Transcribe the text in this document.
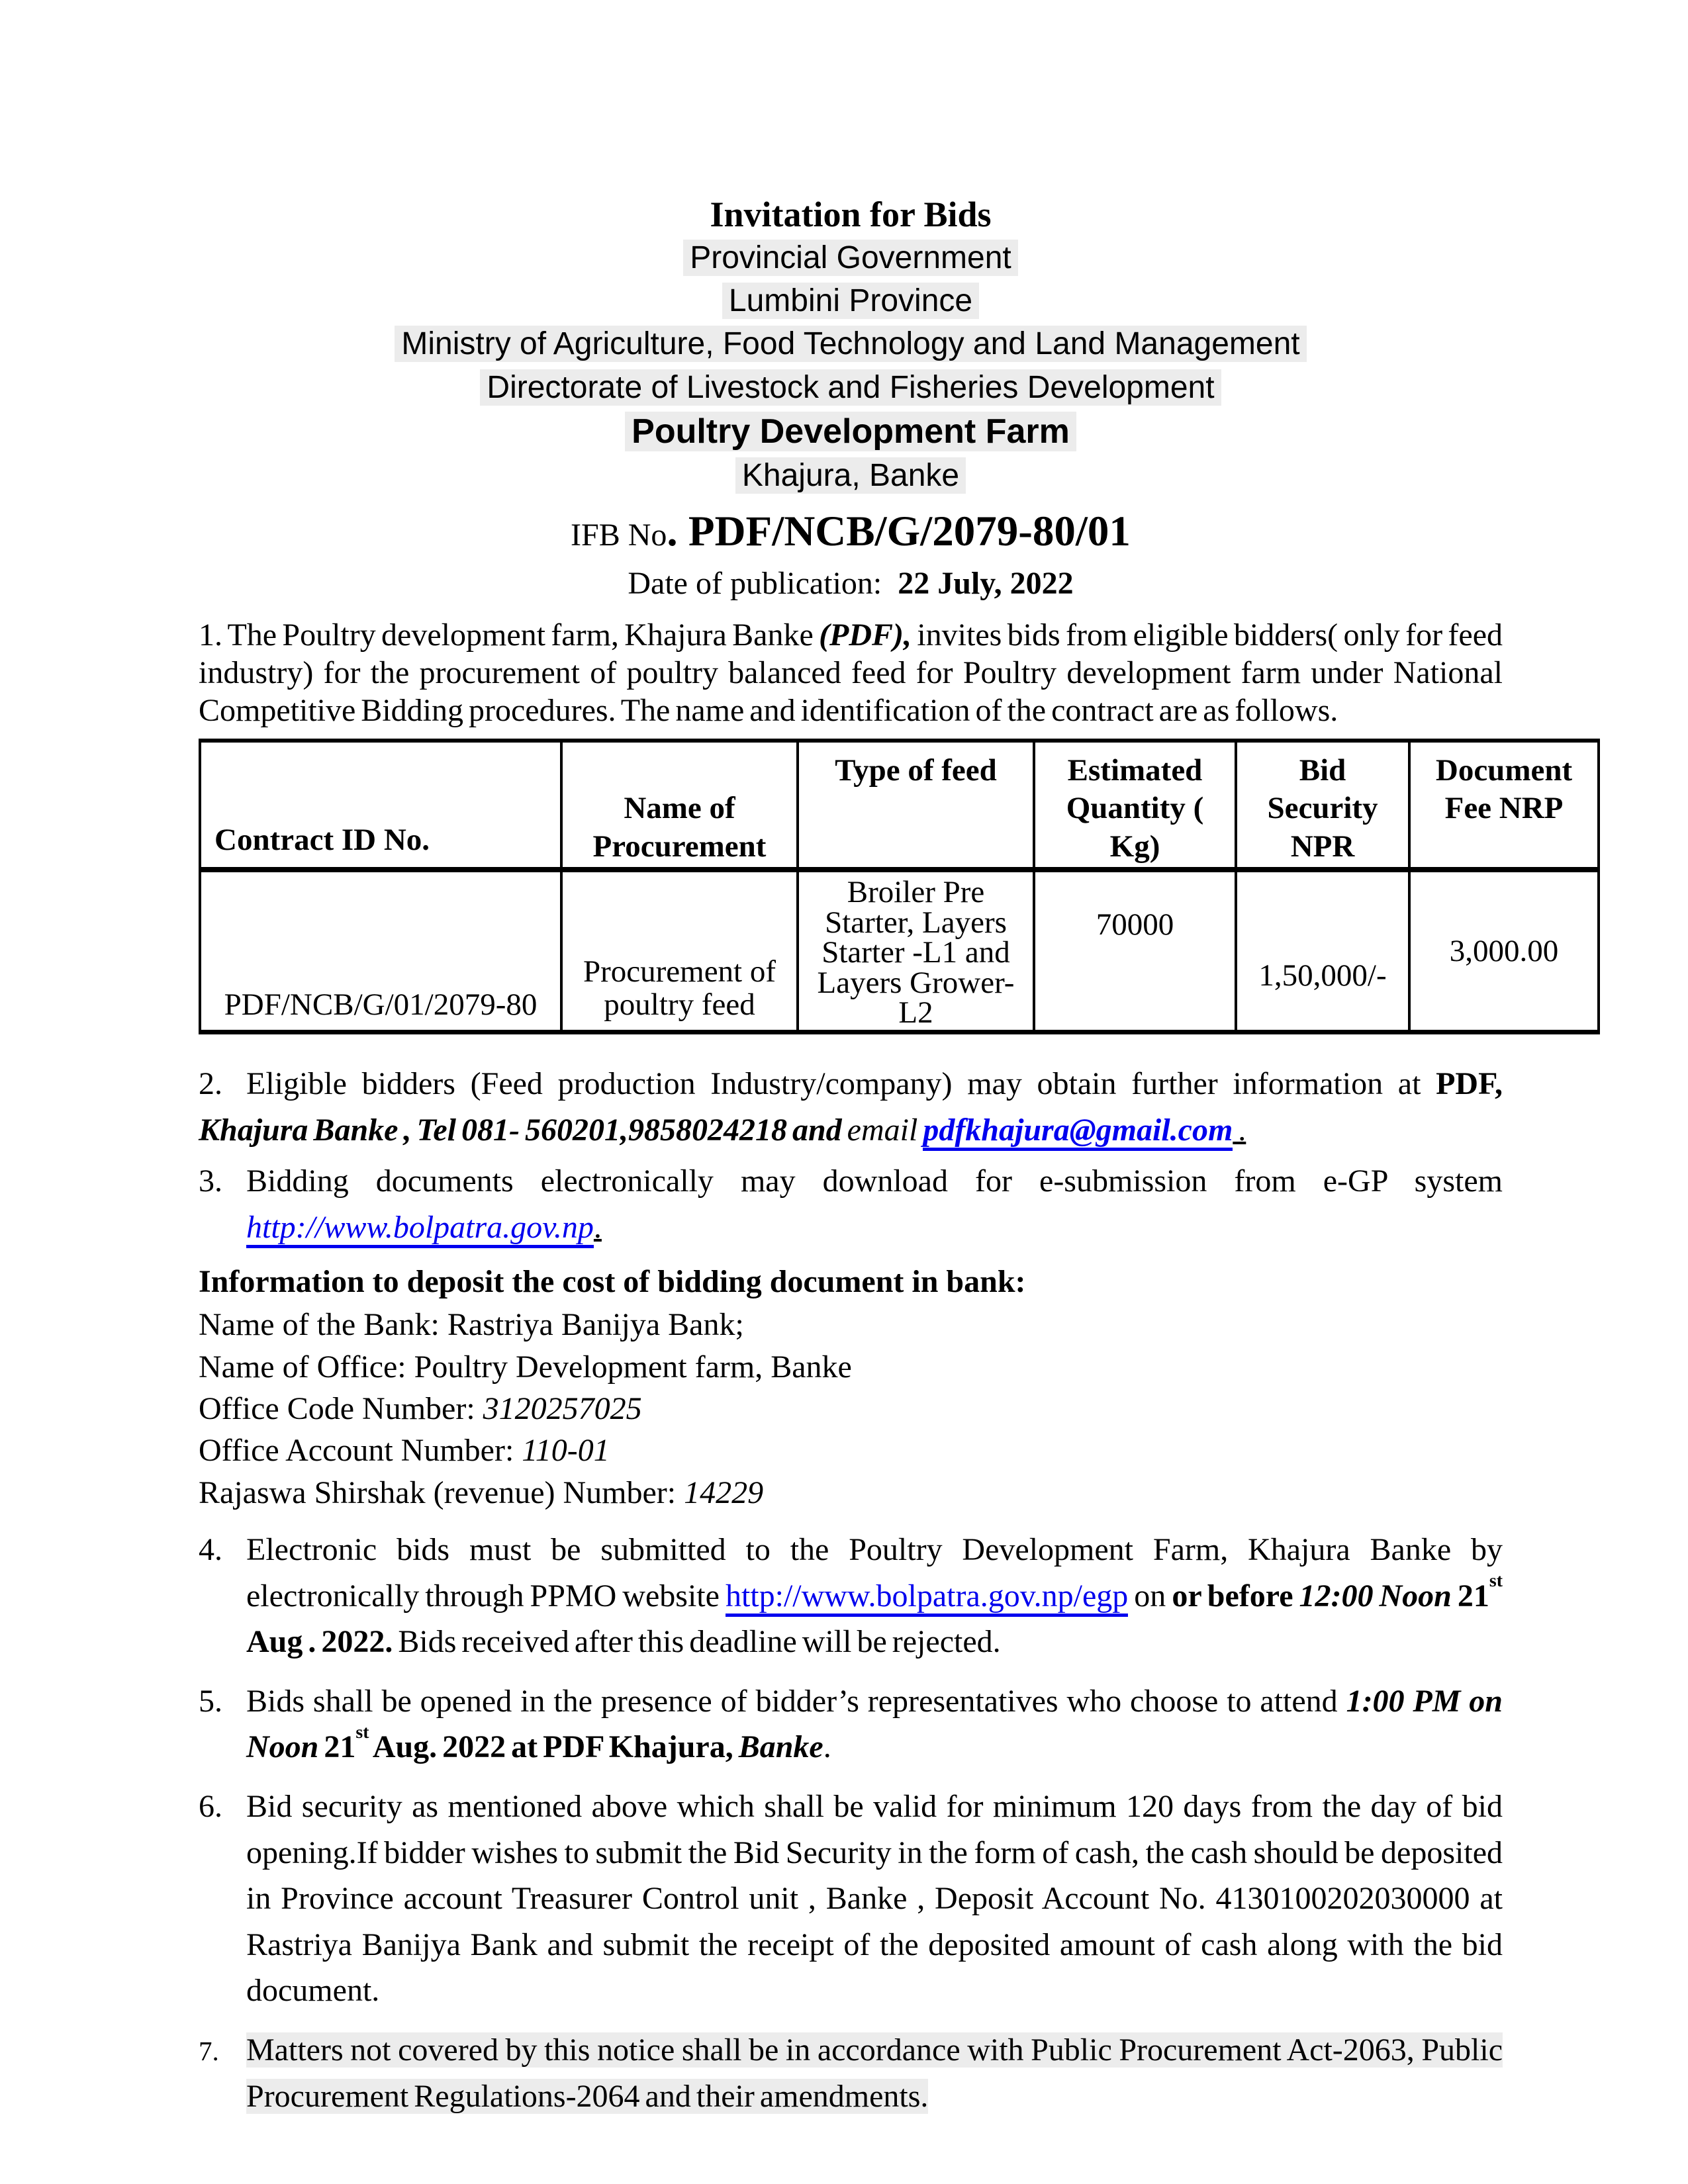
Invitation for Bids

Provincial Government

Lumbini Province

Ministry of Agriculture, Food Technology and Land Management

Directorate of Livestock and Fisheries Development

Poultry Development Farm

Khajura, Banke

IFB No. PDF/NCB/G/2079-80/01

Date of publication:  22 July, 2022

1. The Poultry development farm, Khajura Banke (PDF), invites bids from eligible bidders( only for feed industry) for the procurement of poultry balanced feed for Poultry development farm under National Competitive Bidding procedures. The name and identification of the contract are as follows.

Contract ID No.	Name of Procurement	Type of feed	Estimated Quantity ( Kg)	Bid Security NPR	Document Fee NRP
PDF/NCB/G/01/2079-80	Procurement of poultry feed	Broiler Pre Starter, Layers Starter -L1 and Layers Grower-L2	70000	1,50,000/-	3,000.00

2. Eligible bidders (Feed production Industry/company) may obtain further information at PDF, Khajura Banke , Tel 081- 560201,9858024218 and email pdfkhajura@gmail.com .

3. Bidding documents electronically may download for e-submission from e-GP system http://www.bolpatra.gov.np.

Information to deposit the cost of bidding document in bank:

Name of the Bank: Rastriya Banijya Bank;

Name of Office: Poultry Development farm, Banke

Office Code Number: 3120257025

Office Account Number: 110-01

Rajaswa Shirshak (revenue) Number: 14229

4. Electronic bids must be submitted to the Poultry Development Farm, Khajura Banke by electronically through PPMO website http://www.bolpatra.gov.np/egp on or before 12:00 Noon 21st Aug . 2022. Bids received after this deadline will be rejected.

5. Bids shall be opened in the presence of bidder’s representatives who choose to attend 1:00 PM on Noon 21st Aug. 2022 at PDF Khajura, Banke.

6. Bid security as mentioned above which shall be valid for minimum 120 days from the day of bid opening.If bidder wishes to submit the Bid Security in the form of cash, the cash should be deposited in Province account Treasurer Control unit , Banke , Deposit Account No. 4130100202030000 at Rastriya Banijya Bank and submit the receipt of the deposited amount of cash along with the bid document.

7. Matters not covered by this notice shall be in accordance with Public Procurement Act-2063, Public Procurement Regulations-2064 and their amendments.
